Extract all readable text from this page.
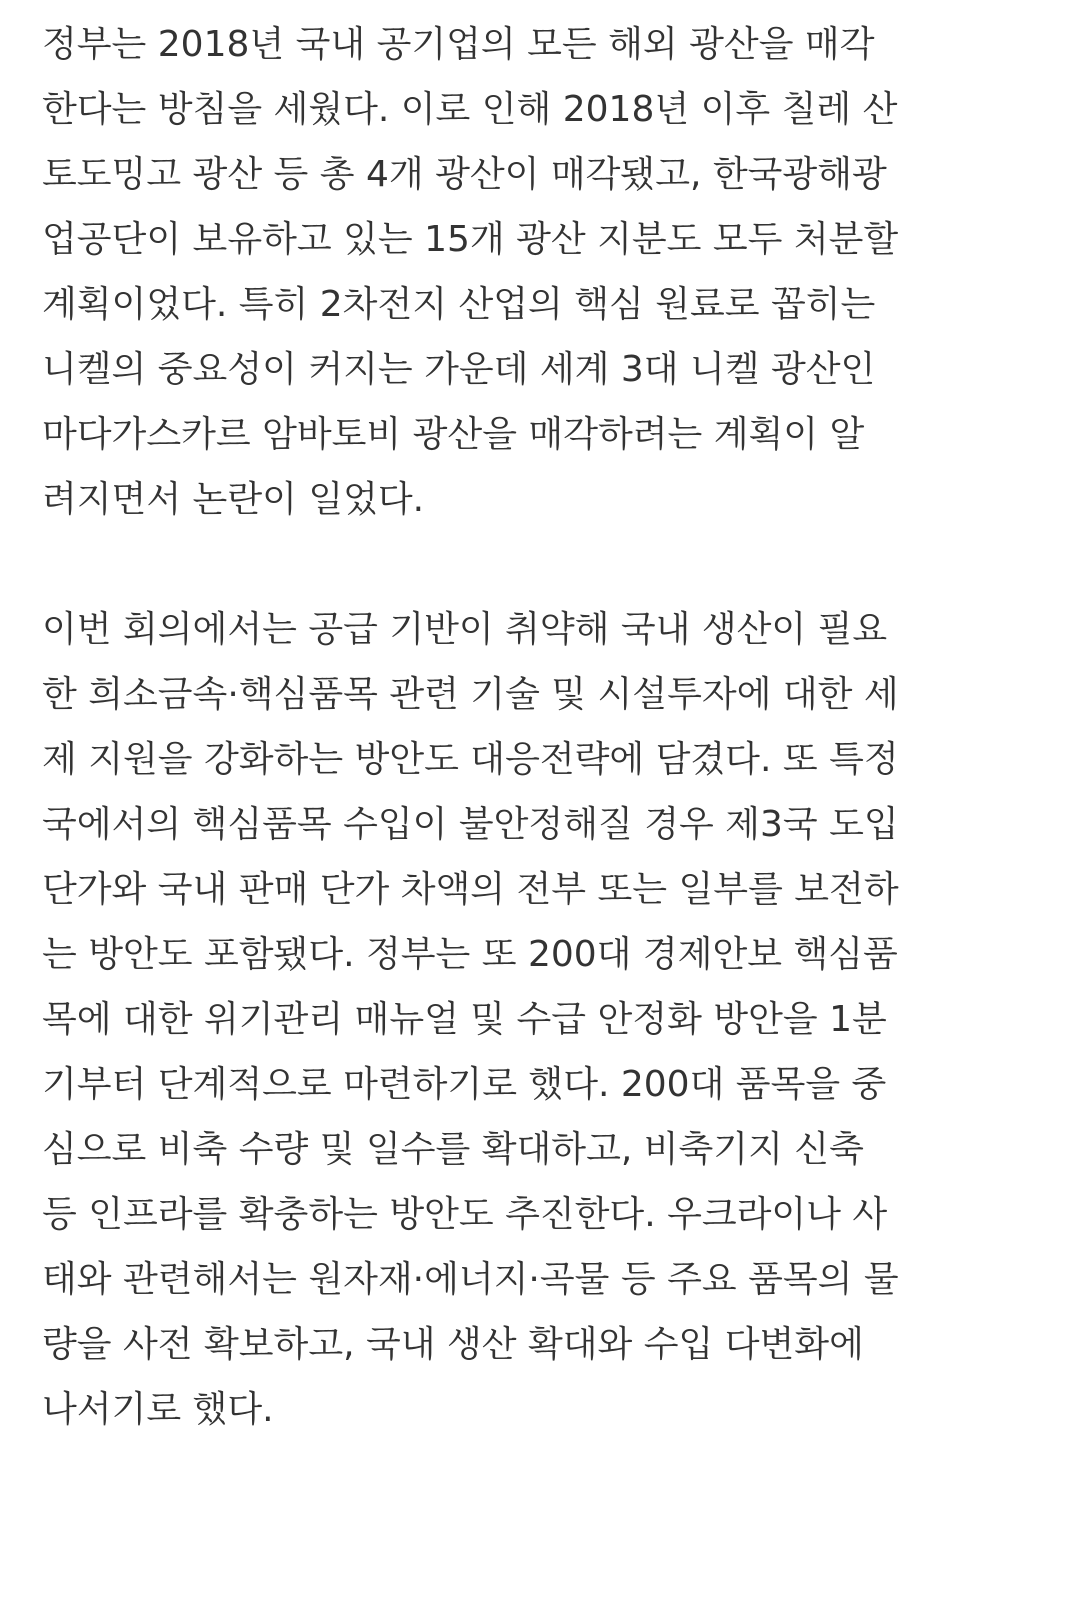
정부는 2018년 국내 공기업의 모든 해외 광산을 매각
한다는 방침을 세웠다. 이로 인해 2018년 이후 칠레 산
토도밍고 광산 등 총 4개 광산이 매각됐고, 한국광해광
업공단이 보유하고 있는 15개 광산 지분도 모두 처분할
계획이었다. 특히 2차전지 산업의 핵심 원료로 꼽히는
니켈의 중요성이 커지는 가운데 세계 3대 니켈 광산인
마다가스카르 암바토비 광산을 매각하려는 계획이 알
려지면서 논란이 일었다.
이번 회의에서는 공급 기반이 취약해 국내 생산이 필요
한 희소금속·핵심품목 관련 기술 및 시설투자에 대한 세
제 지원을 강화하는 방안도 대응전략에 담겼다. 또 특정
국에서의 핵심품목 수입이 불안정해질 경우 제3국 도입
단가와 국내 판매 단가 차액의 전부 또는 일부를 보전하
는 방안도 포함됐다. 정부는 또 200대 경제안보 핵심품
목에 대한 위기관리 매뉴얼 및 수급 안정화 방안을 1분
기부터 단계적으로 마련하기로 했다. 200대 품목을 중
심으로 비축 수량 및 일수를 확대하고, 비축기지 신축
등 인프라를 확충하는 방안도 추진한다. 우크라이나 사
태와 관련해서는 원자재·에너지·곡물 등 주요 품목의 물
량을 사전 확보하고, 국내 생산 확대와 수입 다변화에
나서기로 했다.
